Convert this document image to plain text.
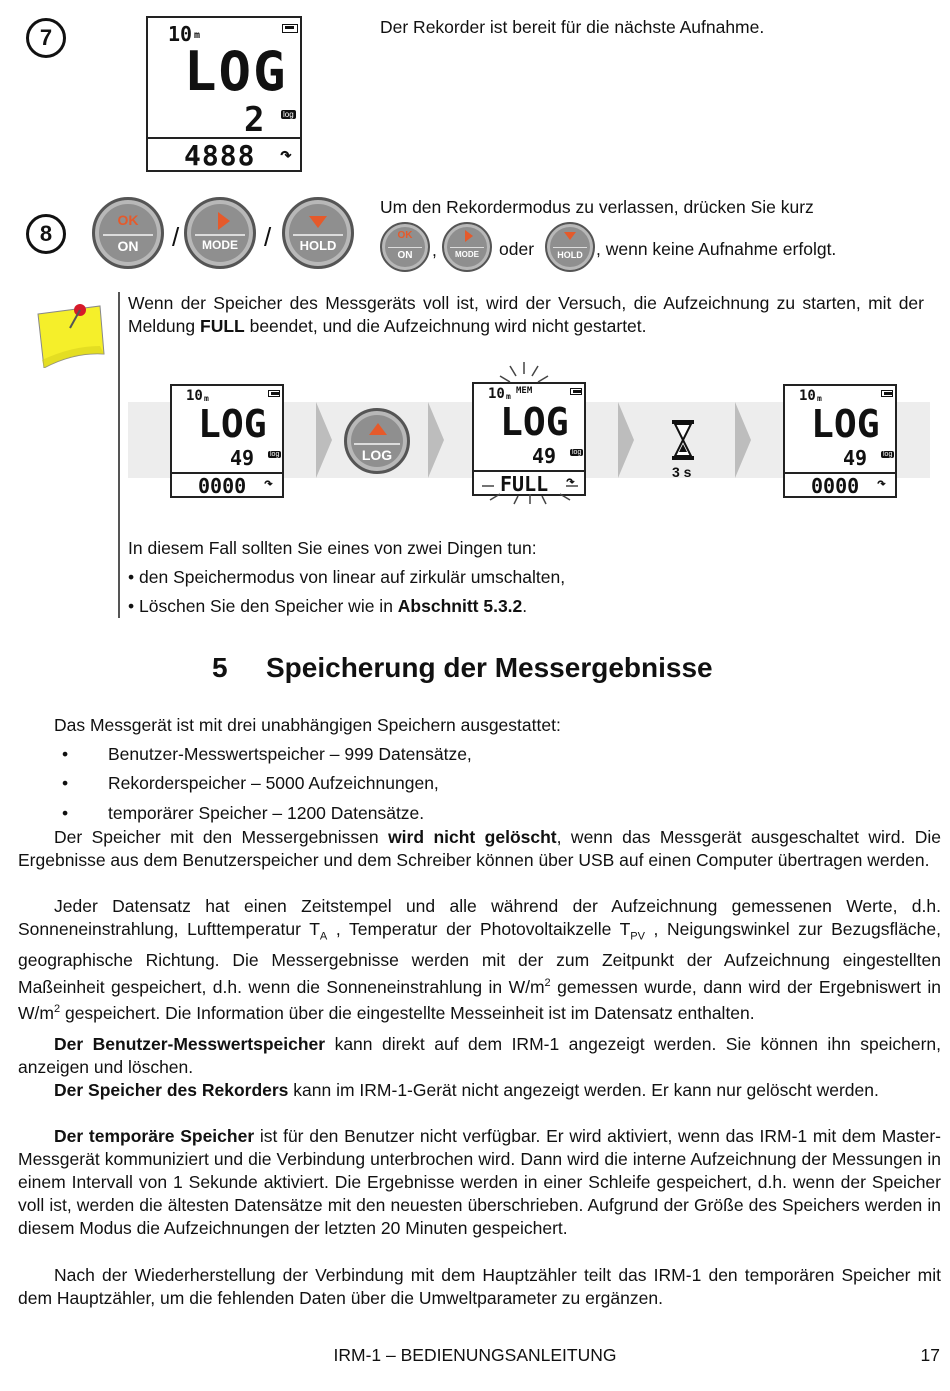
7	10 m
LOG
2 log
4888 ↷
Der Rekorder ist bereit für die nächste Aufnahme.
8
OK
ON	/	MODE	/	HOLD
Um den Rekordermodus zu verlassen, drücken Sie kurz
OK
ON	,	MODE	oder	HOLD , wenn keine Aufnahme erfolgt.

Wenn der Speicher des Messgeräts voll ist, wird der Versuch, die Aufzeichnung zu starten, mit der Meldung FULL beendet, und die Aufzeichnung wird nicht gestartet.

10 m
LOG
49 log
0000 ↷
LOG
10 m
MEM
LOG
49 log
FULL ↷	3 s
10 m
LOG
49 log
0000 ↷
In diesem Fall sollten Sie eines von zwei Dingen tun:
• den Speichermodus von linear auf zirkulär umschalten,
• Löschen Sie den Speicher wie in Abschnitt 5.3.2.
5 Speicherung der Messergebnisse
Das Messgerät ist mit drei unabhängigen Speichern ausgestattet:
• Benutzer-Messwertspeicher – 999 Datensätze,
• Rekorderspeicher – 5000 Aufzeichnungen,
• temporärer Speicher – 1200 Datensätze.

Der Speicher mit den Messergebnissen wird nicht gelöscht, wenn das Messgerät ausgeschaltet wird. Die Ergebnisse aus dem Benutzerspeicher und dem Schreiber können über USB auf einen Computer übertragen werden.

Jeder Datensatz hat einen Zeitstempel und alle während der Aufzeichnung gemessenen Werte, d.h. Sonneneinstrahlung, Lufttemperatur $T_A$ , Temperatur der Photovoltaikzelle $T_{PV}$ , Neigungswinkel zur Bezugsfläche, geographische Richtung. Die Messergebnisse werden mit der zum Zeitpunkt der Aufzeichnung eingestellten Maßeinheit gespeichert, d.h. wenn die Sonneneinstrahlung in $W/m^2$ gemessen wurde, dann wird der Ergebniswert in $W/m^2$ gespeichert. Die Information über die eingestellte Messeinheit ist im Datensatz enthalten.

Der Benutzer-Messwertspeicher kann direkt auf dem IRM-1 angezeigt werden. Sie können ihn speichern, anzeigen und löschen.

Der Speicher des Rekorders kann im IRM-1-Gerät nicht angezeigt werden. Er kann nur gelöscht werden.

Der temporäre Speicher ist für den Benutzer nicht verfügbar. Er wird aktiviert, wenn das IRM-1 mit dem Master-Messgerät kommuniziert und die Verbindung unterbrochen wird. Dann wird die interne Aufzeichnung der Messungen in einem Intervall von 1 Sekunde aktiviert. Die Ergebnisse werden in einer Schleife gespeichert, d.h. wenn der Speicher voll ist, werden die ältesten Datensätze mit den neuesten überschrieben. Aufgrund der Größe des Speichers werden in diesem Modus die Aufzeichnungen der letzten 20 Minuten gespeichert.

Nach der Wiederherstellung der Verbindung mit dem Hauptzähler teilt das IRM-1 den temporären Speicher mit dem Hauptzähler, um die fehlenden Daten über die Umweltparameter zu ergänzen.

IRM-1 – BEDIENUNGSANLEITUNG	17
